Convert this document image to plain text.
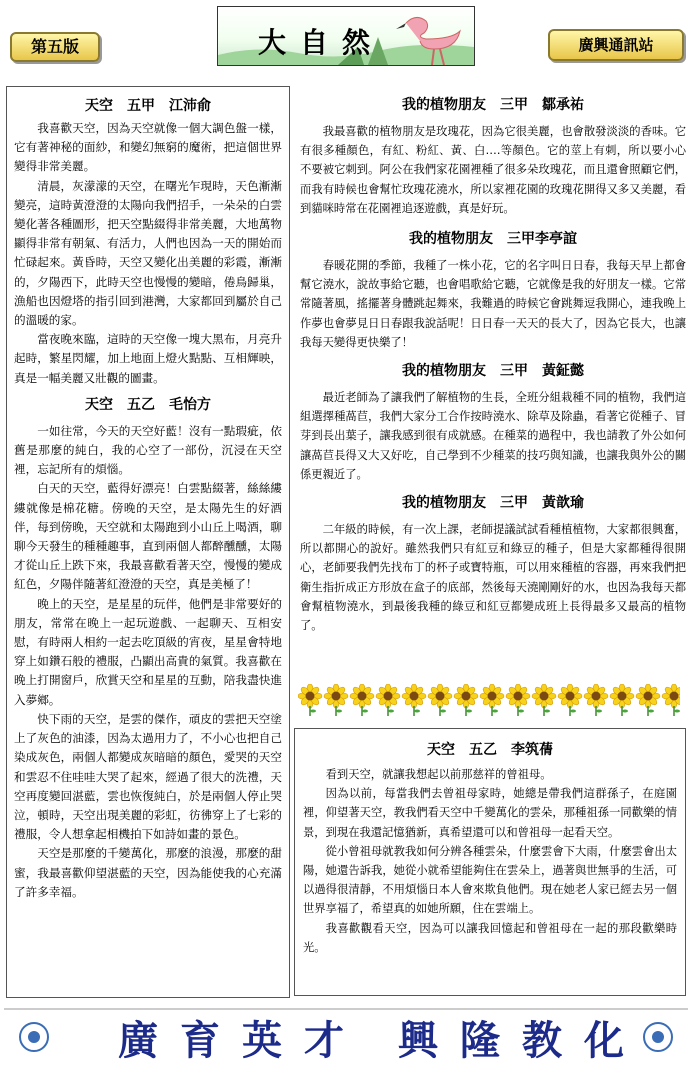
第五版	大自然	廣興通訊站
天空　五甲　江沛俞

我喜歡天空，因為天空就像一個大調色盤一樣，它有著神秘的面紗，和變幻無窮的魔術，把這個世界變得非常美麗。

清晨，灰濛濛的天空，在曙光乍現時，天色漸漸變亮，這時黃澄澄的太陽向我們招手，一朵朵的白雲變化著各種圖形，把天空點綴得非常美麗，大地萬物顯得非常有朝氣、有活力，人們也因為一天的開始而忙碌起來。黃昏時，天空又變化出美麗的彩霞，漸漸的，夕陽西下，此時天空也慢慢的變暗，倦鳥歸巢，漁船也因燈塔的指引回到港灣，大家都回到屬於自己的溫暖的家。

當夜晚來臨，這時的天空像一塊大黑布，月亮升起時，繁星閃耀，加上地面上燈火點點、互相輝映，真是一幅美麗又壯觀的圖畫。

天空　五乙　毛怡方

一如往常，今天的天空好藍！沒有一點瑕疵，依舊是那麼的純白，我的心空了一部份，沉浸在天空裡，忘記所有的煩惱。

白天的天空，藍得好漂亮！白雲點綴著，絲絲縷縷就像是棉花糖。傍晚的天空，是太陽先生的好酒伴，每到傍晚，天空就和太陽跑到小山丘上喝酒，聊聊今天發生的種種趣事，直到兩個人都醉醺醺，太陽才從山丘上跌下來，我最喜歡看著天空，慢慢的變成紅色，夕陽伴隨著紅澄澄的天空，真是美極了！

晚上的天空，是星星的玩伴，他們是非常要好的朋友，常常在晚上一起玩遊戲、一起聊天、互相安慰，有時兩人相約一起去吃頂級的宵夜，星星會特地穿上如鑽石般的禮服，凸顯出高貴的氣質。我喜歡在晚上打開窗戶，欣賞天空和星星的互動，陪我盡快進入夢鄉。

快下雨的天空，是雲的傑作，頑皮的雲把天空塗上了灰色的油漆，因為太過用力了，不小心也把自己染成灰色，兩個人都變成灰暗暗的顏色，愛哭的天空和雲忍不住哇哇大哭了起來，經過了很大的洗禮，天空再度變回湛藍，雲也恢復純白，於是兩個人停止哭泣，頓時，天空出現美麗的彩虹，彷彿穿上了七彩的禮服，令人想拿起相機拍下如詩如畫的景色。

天空是那麼的千變萬化，那麼的浪漫，那麼的甜蜜，我最喜歡仰望湛藍的天空，因為能使我的心充滿了許多幸福。

我的植物朋友　三甲　鄒承祐

我最喜歡的植物朋友是玫瑰花，因為它很美麗，也會散發淡淡的香味。它有很多種顏色，有紅、粉紅、黃、白….等顏色。它的莖上有刺，所以要小心不要被它刺到。阿公在我們家花園裡種了很多朵玫瑰花，而且還會照顧它們，而我有時候也會幫忙玫瑰花澆水，所以家裡花園的玫瑰花開得又多又美麗，看到貓咪時常在花園裡追逐遊戲，真是好玩。

我的植物朋友　三甲李亭誼

春暖花開的季節，我種了一株小花，它的名字叫日日春，我每天早上都會幫它澆水，說故事給它聽，也會唱歌給它聽，它就像是我的好朋友一樣。它常常隨著風，搖擺著身體跳起舞來，我難過的時候它會跳舞逗我開心，連我晚上作夢也會夢見日日春跟我說話呢！日日春一天天的長大了，因為它長大，也讓我每天變得更快樂了！

我的植物朋友　三甲　黃鉦懿

最近老師為了讓我們了解植物的生長，全班分組栽種不同的植物，我們這組選擇種萵苣，我們大家分工合作按時澆水、除草及除蟲，看著它從種子、冒芽到長出葉子，讓我感到很有成就感。在種菜的過程中，我也請教了外公如何讓萵苣長得又大又好吃，自己學到不少種菜的技巧與知識，也讓我與外公的關係更親近了。

我的植物朋友　三甲　黃歆瑜

二年級的時候，有一次上課，老師提議試試看種植植物，大家都很興奮，所以都開心的說好。雖然我們只有紅豆和綠豆的種子，但是大家都種得很開心，老師要我們先找布丁的杯子或寶特瓶，可以用來種植的容器，再來我們把衛生指折成正方形放在盒子的底部，然後每天澆剛剛好的水，也因為我每天都會幫植物澆水，到最後我種的綠豆和紅豆都變成班上長得最多又最高的植物了。

天空　五乙　李筑蒨

看到天空，就讓我想起以前那慈祥的曾祖母。

因為以前，每當我們去曾祖母家時，她總是帶我們這群孫子，在庭園裡，仰望著天空，教我們看天空中千變萬化的雲朵，那種祖孫一同歡樂的情景，到現在我還記憶猶新，真希望還可以和曾祖母一起看天空。

從小曾祖母就教我如何分辨各種雲朵，什麼雲會下大雨，什麼雲會出太陽，她還告訴我，她從小就希望能夠住在雲朵上，過著與世無爭的生活，可以過得很清靜，不用煩惱日本人會來欺負他們。現在她老人家已經去另一個世界享福了，希望真的如她所願，住在雲端上。

我喜歡觀看天空，因為可以讓我回憶起和曾祖母在一起的那段歡樂時光。

廣育英才 興隆教化
